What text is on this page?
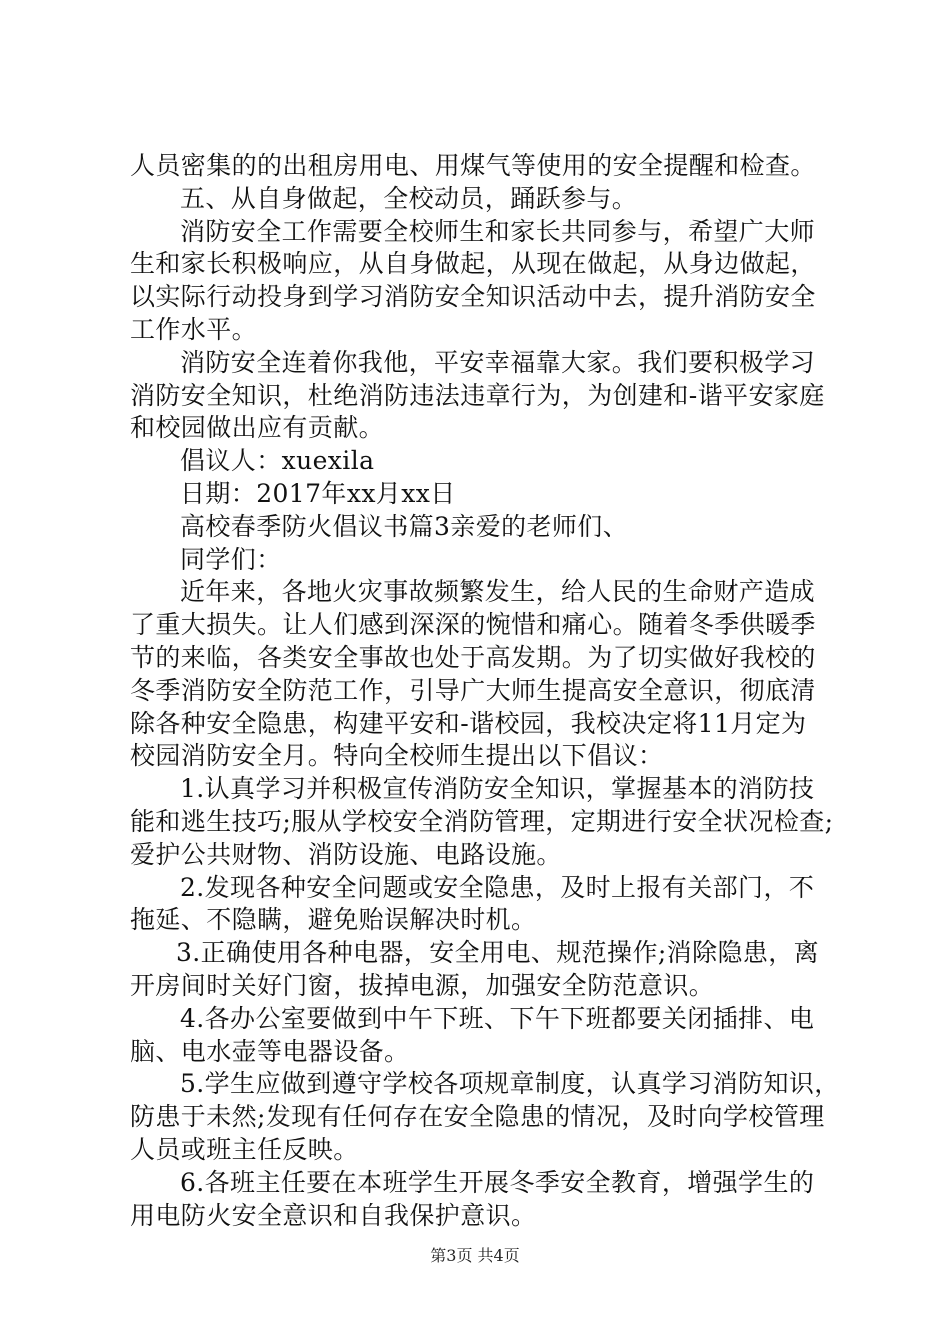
人员密集的的出租房用电、用煤气等使用的安全提醒和检查。
五、从自身做起，全校动员，踊跃参与。
消防安全工作需要全校师生和家长共同参与，希望广大师
生和家长积极响应，从自身做起，从现在做起，从身边做起，
以实际行动投身到学习消防安全知识活动中去，提升消防安全
工作水平。
消防安全连着你我他，平安幸福靠大家。我们要积极学习
消防安全知识，杜绝消防违法违章行为，为创建和-谐平安家庭
和校园做出应有贡献。
倡议人：xuexila
日期：2017年xx月xx日
高校春季防火倡议书篇3亲爱的老师们、
同学们：
近年来，各地火灾事故频繁发生，给人民的生命财产造成
了重大损失。让人们感到深深的惋惜和痛心。随着冬季供暖季
节的来临，各类安全事故也处于高发期。为了切实做好我校的
冬季消防安全防范工作，引导广大师生提高安全意识，彻底清
除各种安全隐患，构建平安和-谐校园，我校决定将11月定为
校园消防安全月。特向全校师生提出以下倡议：
1.认真学习并积极宣传消防安全知识，掌握基本的消防技
能和逃生技巧;服从学校安全消防管理，定期进行安全状况检查;
爱护公共财物、消防设施、电路设施。
2.发现各种安全问题或安全隐患，及时上报有关部门，不
拖延、不隐瞒，避免贻误解决时机。
3.正确使用各种电器，安全用电、规范操作;消除隐患，离
开房间时关好门窗，拔掉电源，加强安全防范意识。
4.各办公室要做到中午下班、下午下班都要关闭插排、电
脑、电水壶等电器设备。
5.学生应做到遵守学校各项规章制度，认真学习消防知识，
防患于未然;发现有任何存在安全隐患的情况，及时向学校管理
人员或班主任反映。
6.各班主任要在本班学生开展冬季安全教育，增强学生的
用电防火安全意识和自我保护意识。
第3页 共4页
